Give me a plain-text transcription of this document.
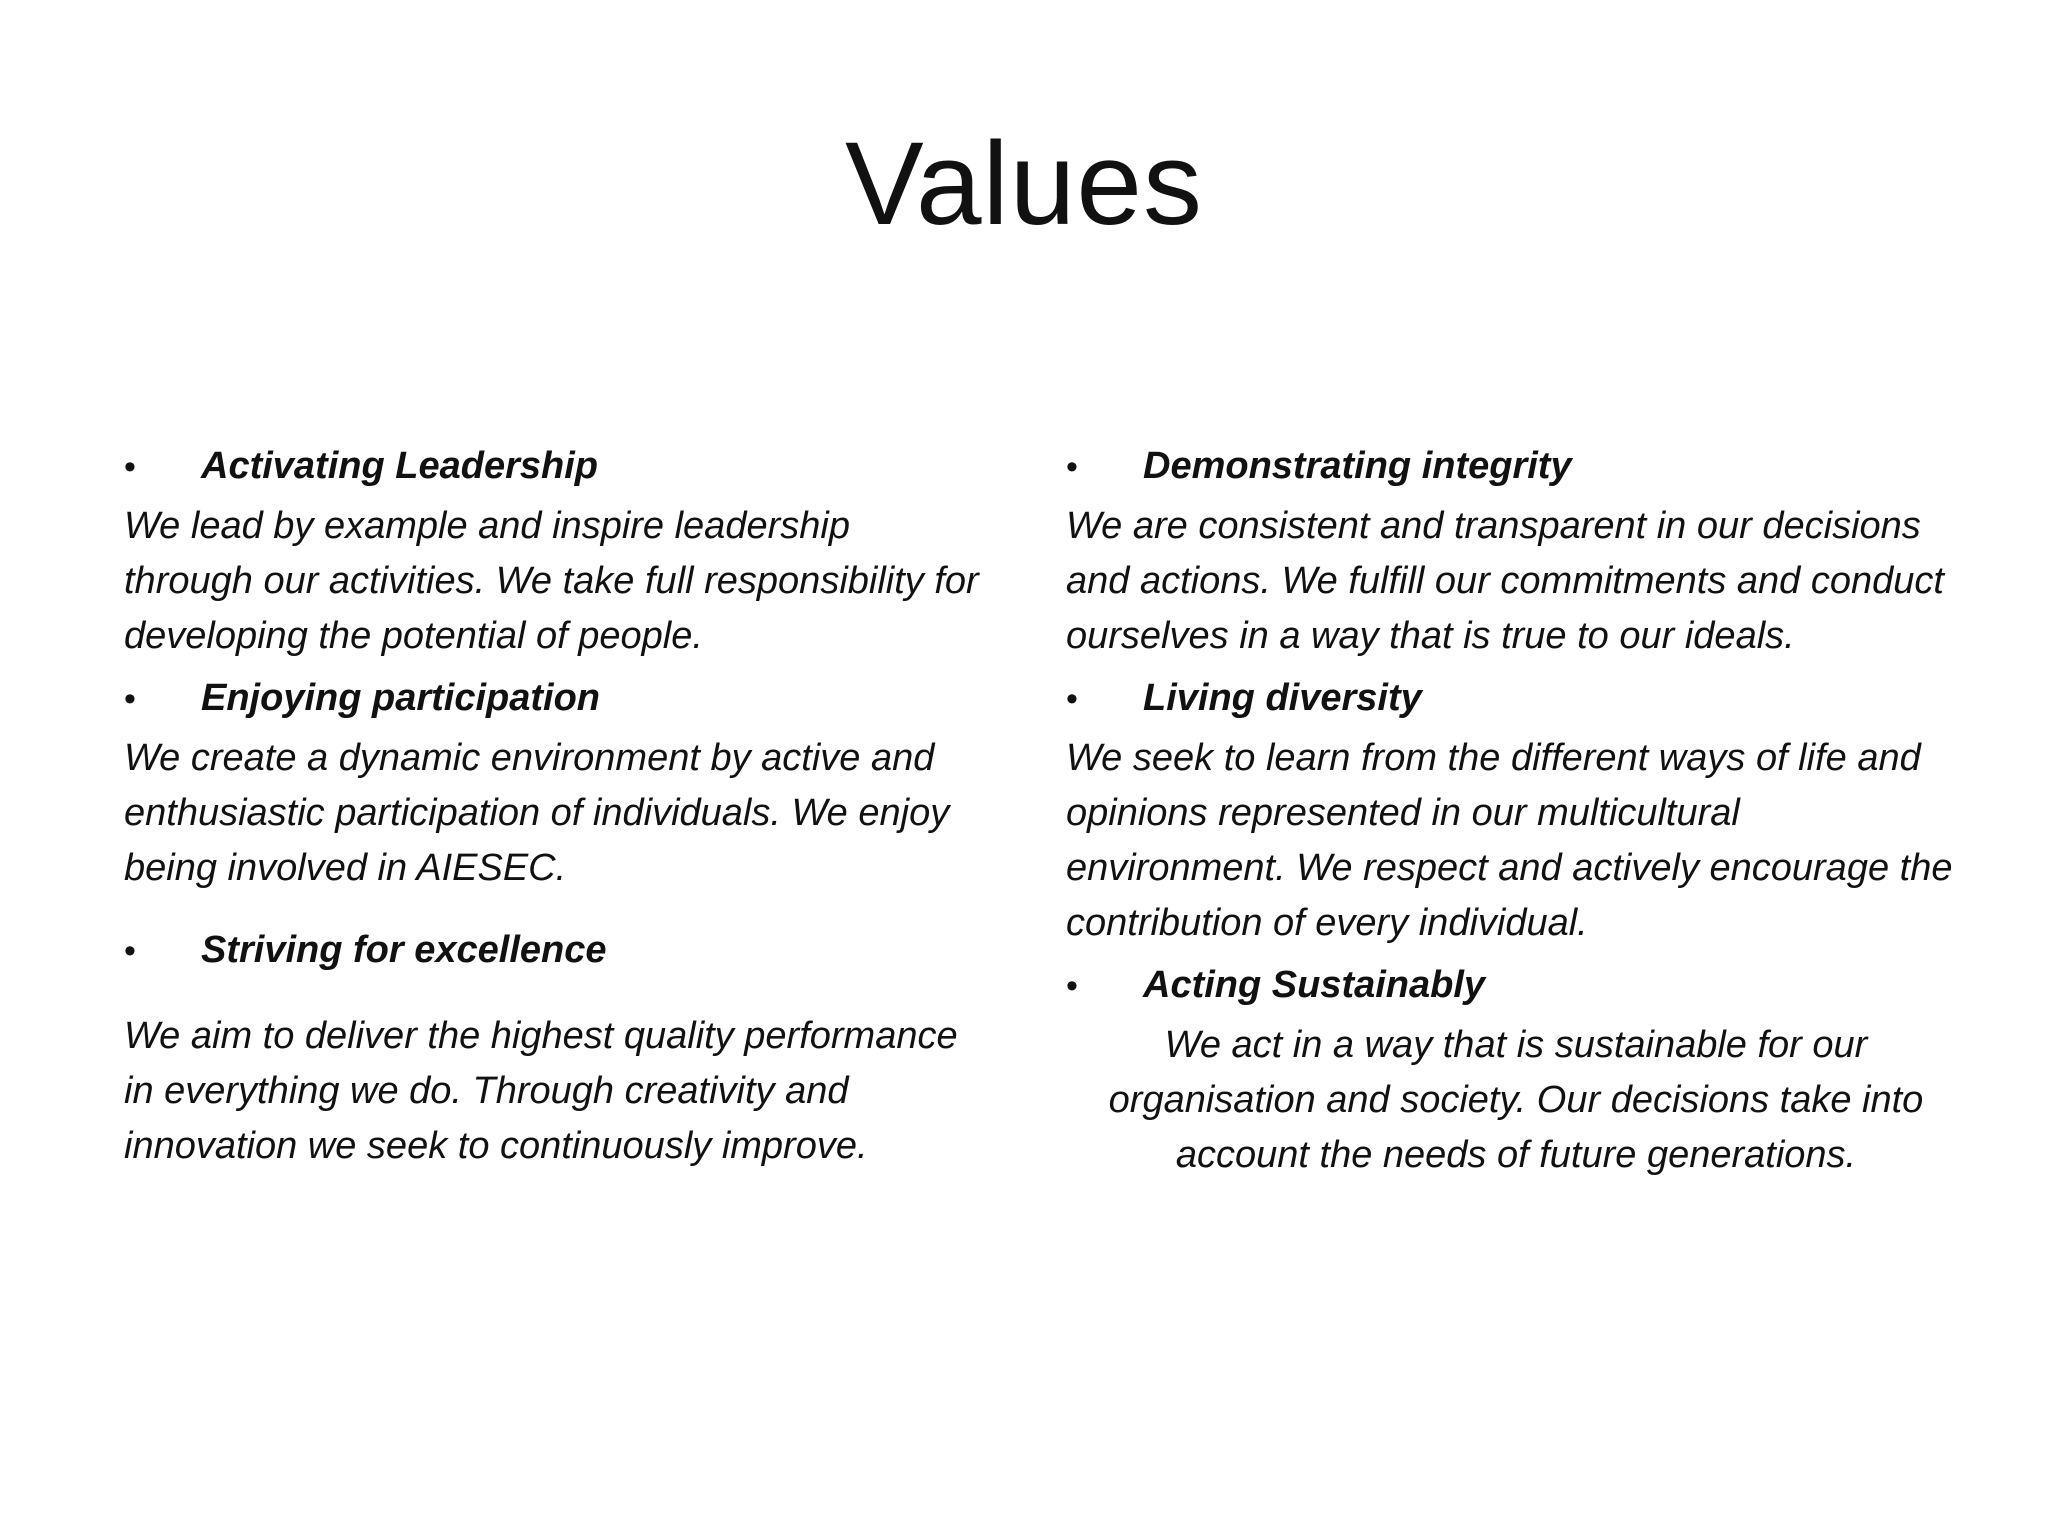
Values
•	Activating Leadership

We lead by example and inspire leadership through our activities. We take full responsibility for developing the potential of people.

•	Enjoying participation

We create a dynamic environment by active and enthusiastic participation of individuals. We enjoy being involved in AIESEC.

•	Striving for excellence

We aim to deliver the highest quality performance in everything we do. Through creativity and innovation we seek to continuously improve.

•	Demonstrating integrity

We are consistent and transparent in our decisions and actions. We fulfill our commitments and conduct ourselves in a way that is true to our ideals.

•	Living diversity

We seek to learn from the different ways of life and opinions represented in our multicultural environment. We respect and actively encourage the contribution of every individual.

•	Acting Sustainably

We act in a way that is sustainable for our organisation and society. Our decisions take into account the needs of future generations.
